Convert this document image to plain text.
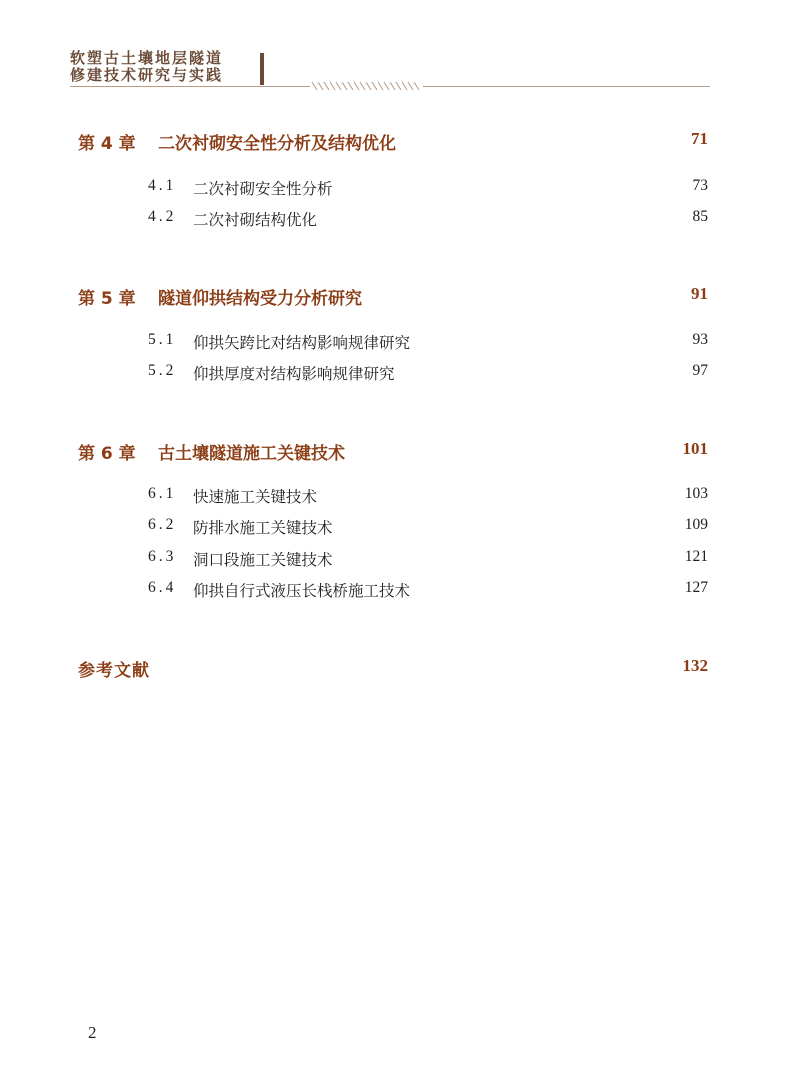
软塑古土壤地层隧道
修建技术研究与实践
第 4 章 二次衬砌安全性分析及结构优化	71
4.1 二次衬砌安全性分析	73
4.2 二次衬砌结构优化	85
第 5 章 隧道仰拱结构受力分析研究	91
5.1 仰拱矢跨比对结构影响规律研究	93
5.2 仰拱厚度对结构影响规律研究	97
第 6 章 古土壤隧道施工关键技术	101
6.1 快速施工关键技术	103
6.2 防排水施工关键技术	109
6.3 洞口段施工关键技术	121
6.4 仰拱自行式液压长栈桥施工技术	127
参考文献	132
2
